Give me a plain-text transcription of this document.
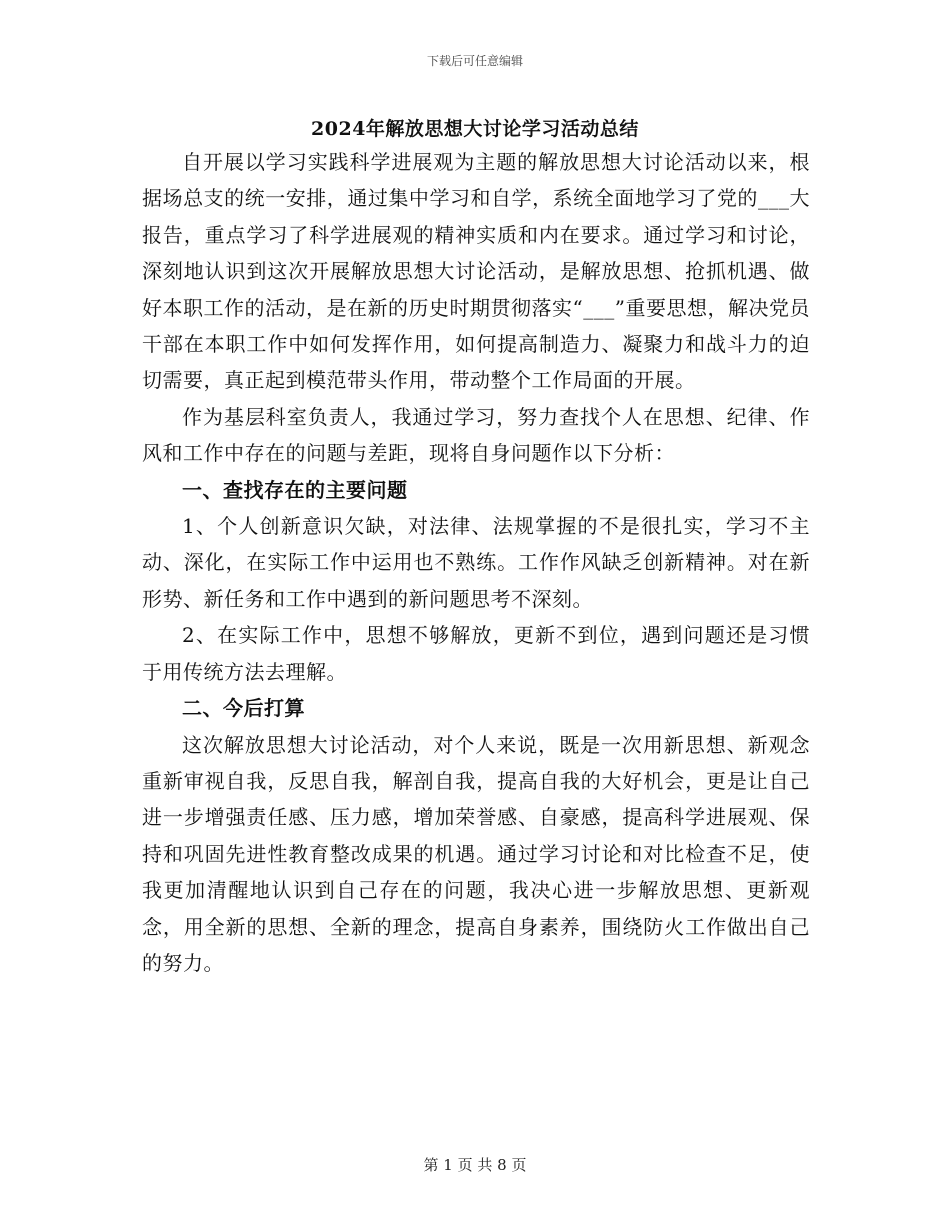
下载后可任意编辑
2024年解放思想大讨论学习活动总结

自开展以学习实践科学进展观为主题的解放思想大讨论活动以来，根据场总支的统一安排，通过集中学习和自学，系统全面地学习了党的___大报告，重点学习了科学进展观的精神实质和内在要求。通过学习和讨论，深刻地认识到这次开展解放思想大讨论活动，是解放思想、抢抓机遇、做好本职工作的活动，是在新的历史时期贯彻落实“___”重要思想，解决党员干部在本职工作中如何发挥作用，如何提高制造力、凝聚力和战斗力的迫切需要，真正起到模范带头作用，带动整个工作局面的开展。

作为基层科室负责人，我通过学习，努力查找个人在思想、纪律、作风和工作中存在的问题与差距，现将自身问题作以下分析：

一、查找存在的主要问题

1、个人创新意识欠缺，对法律、法规掌握的不是很扎实，学习不主动、深化，在实际工作中运用也不熟练。工作作风缺乏创新精神。对在新形势、新任务和工作中遇到的新问题思考不深刻。

2、在实际工作中，思想不够解放，更新不到位，遇到问题还是习惯于用传统方法去理解。

二、今后打算

这次解放思想大讨论活动，对个人来说，既是一次用新思想、新观念重新审视自我，反思自我，解剖自我，提高自我的大好机会，更是让自己进一步增强责任感、压力感，增加荣誉感、自豪感，提高科学进展观、保持和巩固先进性教育整改成果的机遇。通过学习讨论和对比检查不足，使我更加清醒地认识到自己存在的问题，我决心进一步解放思想、更新观念，用全新的思想、全新的理念，提高自身素养，围绕防火工作做出自己的努力。

第 1 页 共 8 页
